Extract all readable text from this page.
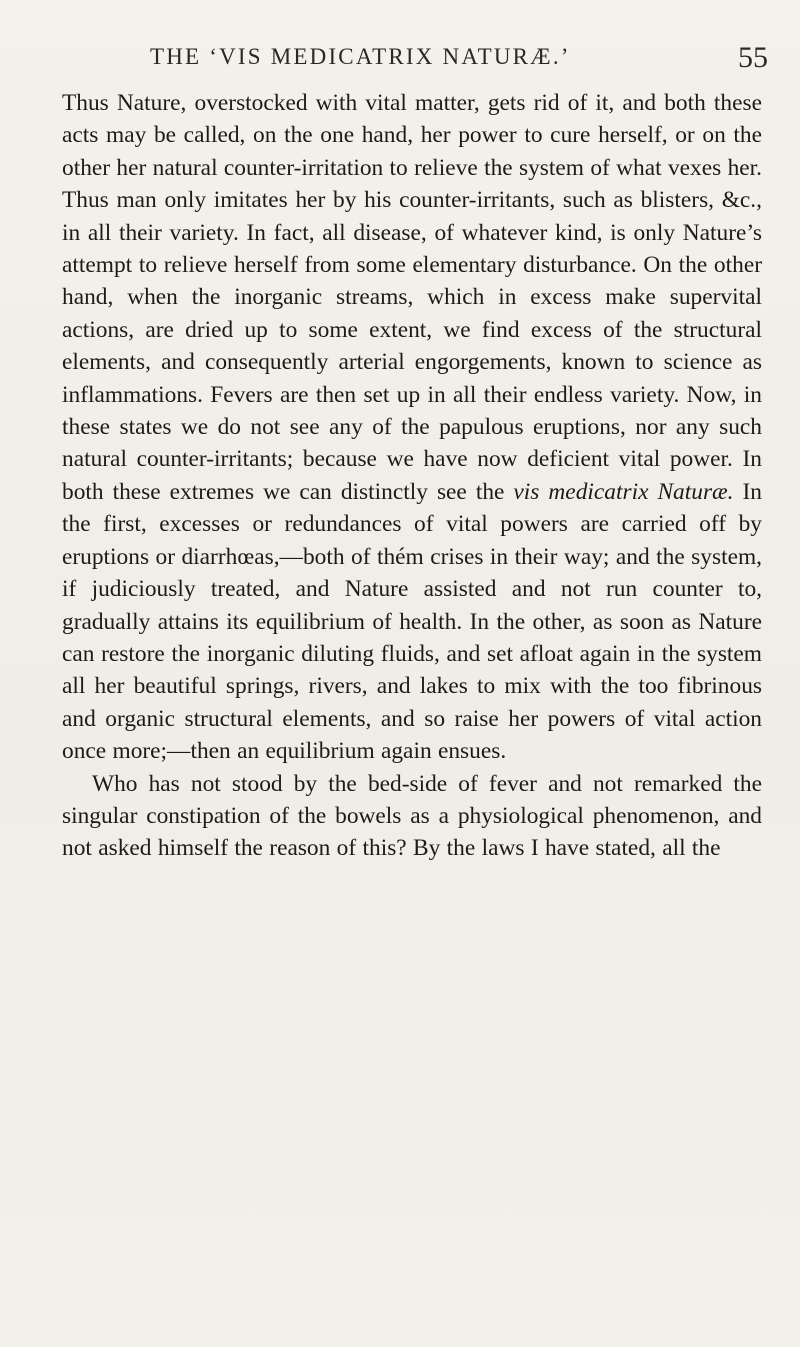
THE ‘VIS MEDICATRIX NATURÆ.’	55

Thus Nature, overstocked with vital matter, gets rid of it, and both these acts may be called, on the one hand, her power to cure herself, or on the other her natural counter-irritation to relieve the system of what vexes her. Thus man only imitates her by his counter-irritants, such as blisters, &c., in all their variety. In fact, all disease, of whatever kind, is only Nature’s attempt to relieve herself from some elementary disturbance. On the other hand, when the inorganic streams, which in excess make supervital actions, are dried up to some extent, we find excess of the structural elements, and consequently arterial engorgements, known to science as inflammations. Fevers are then set up in all their endless variety. Now, in these states we do not see any of the papulous eruptions, nor any such natural counter-irritants; because we have now deficient vital power. In both these extremes we can distinctly see the vis medicatrix Naturæ. In the first, excesses or redundances of vital powers are carried off by eruptions or diarrhœas,—both of thém crises in their way; and the system, if judiciously treated, and Nature assisted and not run counter to, gradually attains its equilibrium of health. In the other, as soon as Nature can restore the inorganic diluting fluids, and set afloat again in the system all her beautiful springs, rivers, and lakes to mix with the too fibrinous and organic structural elements, and so raise her powers of vital action once more;—then an equilibrium again ensues.

Who has not stood by the bed-side of fever and not remarked the singular constipation of the bowels as a physiological phenomenon, and not asked himself the reason of this? By the laws I have stated, all the
